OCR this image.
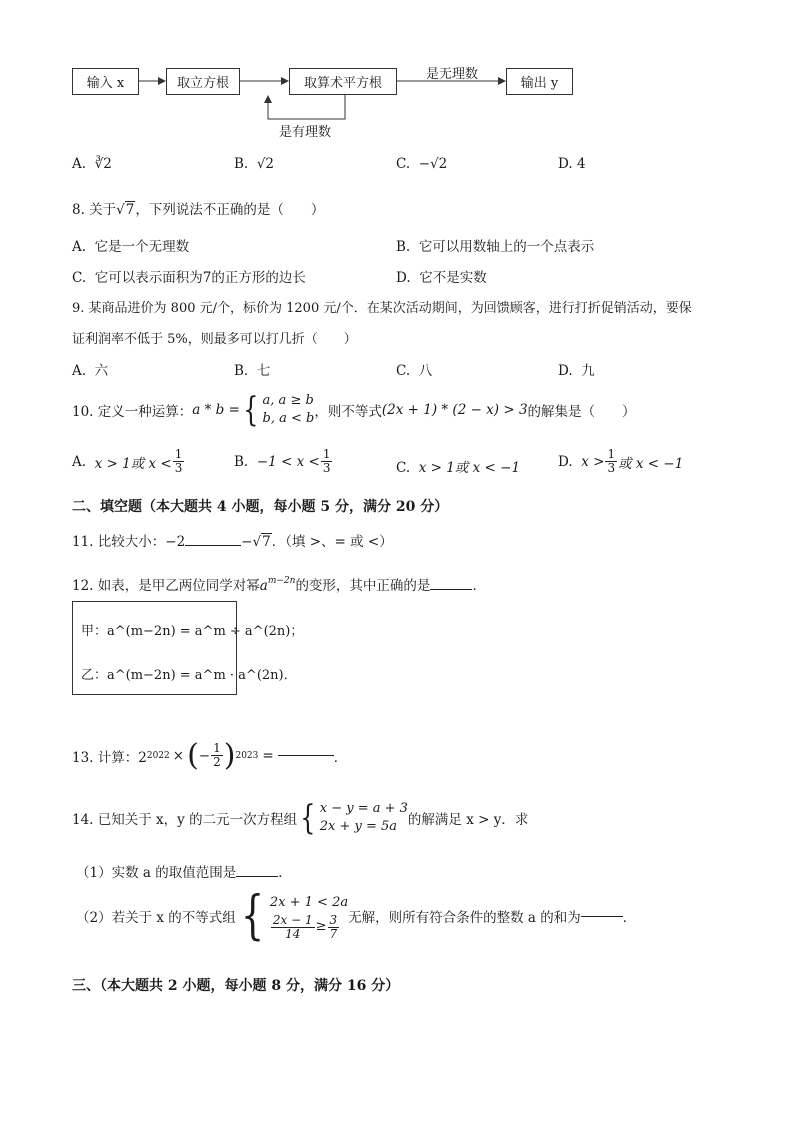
输入 x	取立方根	取算术平方根	输出 y
是无理数
是有理数
A. ∛2	B. √2	C. −√2	D. 4
8. 关于√7，下列说法不正确的是（　　）
A. 它是一个无理数	B. 它可以用数轴上的一个点表示
C. 它可以表示面积为7的正方形的边长	D. 它不是实数
9. 某商品进价为 800 元/个，标价为 1200 元/个．在某次活动期间，为回馈顾客，进行打折促销活动，要保
证利润率不低于 5%，则最多可以打几折（　　）
A. 六	B. 七	C. 八	D. 九
10. 定义一种运算： a * b = { a, a ≥ b
b, a < b ，则不等式 (2x + 1) * (2 − x) > 3 的解集是（　　）
A.
x > 1或 $x < \frac{1}{3}$	B.
$-1 < x < \frac{1}{3}$	C. x > 1或 x < −1	D.
$x > \frac{1}{3}$ 或 x < −1
二、填空题（本大题共 4 小题，每小题 5 分，满分 20 分）
11. 比较大小：−2	−√7．（填 >、= 或 <）
12. 如表，是甲乙两位同学对幂$a^{m-2n}$的变形，其中正确的是	．
甲：a^(m−2n) = a^m ÷ a^(2n)；
乙：a^(m−2n) = a^m · a^(2n)．
13. 计算：2 2022 × ( − $\frac{1}{2}$ ) 2023 =	．
14. 已知关于 x，y 的二元一次方程组 { x − y = a + 3
2x + y = 5a 的解满足 x > y．求
（1）实数 a 的取值范围是	．
（2）若关于 x 的不等式组 { 2x + 1 < 2a
$\frac{2x - 1}{14} \ge \frac{3}{7}$ 无解，则所有符合条件的整数 a 的和为	．
三、（本大题共 2 小题，每小题 8 分，满分 16 分）
